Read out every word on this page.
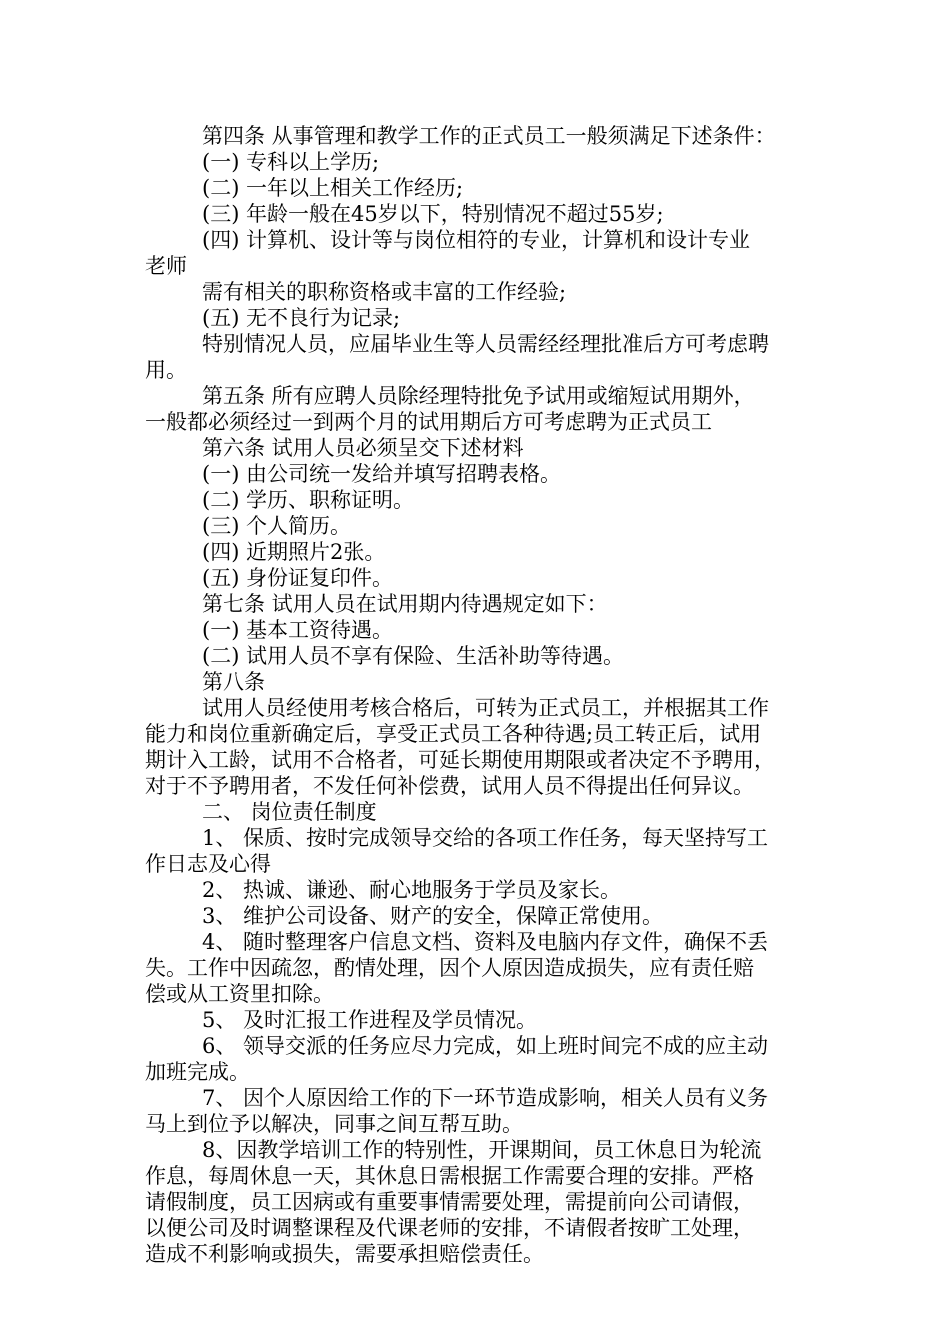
第四条 从事管理和教学工作的正式员工一般须满足下述条件：
(一) 专科以上学历;
(二) 一年以上相关工作经历;
(三) 年龄一般在45岁以下，特别情况不超过55岁;
(四) 计算机、设计等与岗位相符的专业，计算机和设计专业
老师
需有相关的职称资格或丰富的工作经验;
(五) 无不良行为记录;
特别情况人员，应届毕业生等人员需经经理批准后方可考虑聘
用。
第五条 所有应聘人员除经理特批免予试用或缩短试用期外，
一般都必须经过一到两个月的试用期后方可考虑聘为正式员工
第六条 试用人员必须呈交下述材料
(一) 由公司统一发给并填写招聘表格。
(二) 学历、职称证明。
(三) 个人简历。
(四) 近期照片2张。
(五) 身份证复印件。
第七条 试用人员在试用期内待遇规定如下：
(一) 基本工资待遇。
(二) 试用人员不享有保险、生活补助等待遇。
第八条
试用人员经使用考核合格后，可转为正式员工，并根据其工作
能力和岗位重新确定后，享受正式员工各种待遇;员工转正后，试用
期计入工龄，试用不合格者，可延长期使用期限或者决定不予聘用，
对于不予聘用者，不发任何补偿费，试用人员不得提出任何异议。
二、 岗位责任制度
1、 保质、按时完成领导交给的各项工作任务，每天坚持写工
作日志及心得
2、 热诚、谦逊、耐心地服务于学员及家长。
3、 维护公司设备、财产的安全，保障正常使用。
4、 随时整理客户信息文档、资料及电脑内存文件，确保不丢
失。工作中因疏忽，酌情处理，因个人原因造成损失，应有责任赔
偿或从工资里扣除。
5、 及时汇报工作进程及学员情况。
6、 领导交派的任务应尽力完成，如上班时间完不成的应主动
加班完成。
7、 因个人原因给工作的下一环节造成影响，相关人员有义务
马上到位予以解决，同事之间互帮互助。
8、因教学培训工作的特别性，开课期间，员工休息日为轮流
作息，每周休息一天，其休息日需根据工作需要合理的安排。严格
请假制度，员工因病或有重要事情需要处理，需提前向公司请假，
以便公司及时调整课程及代课老师的安排，不请假者按旷工处理，
造成不利影响或损失，需要承担赔偿责任。
